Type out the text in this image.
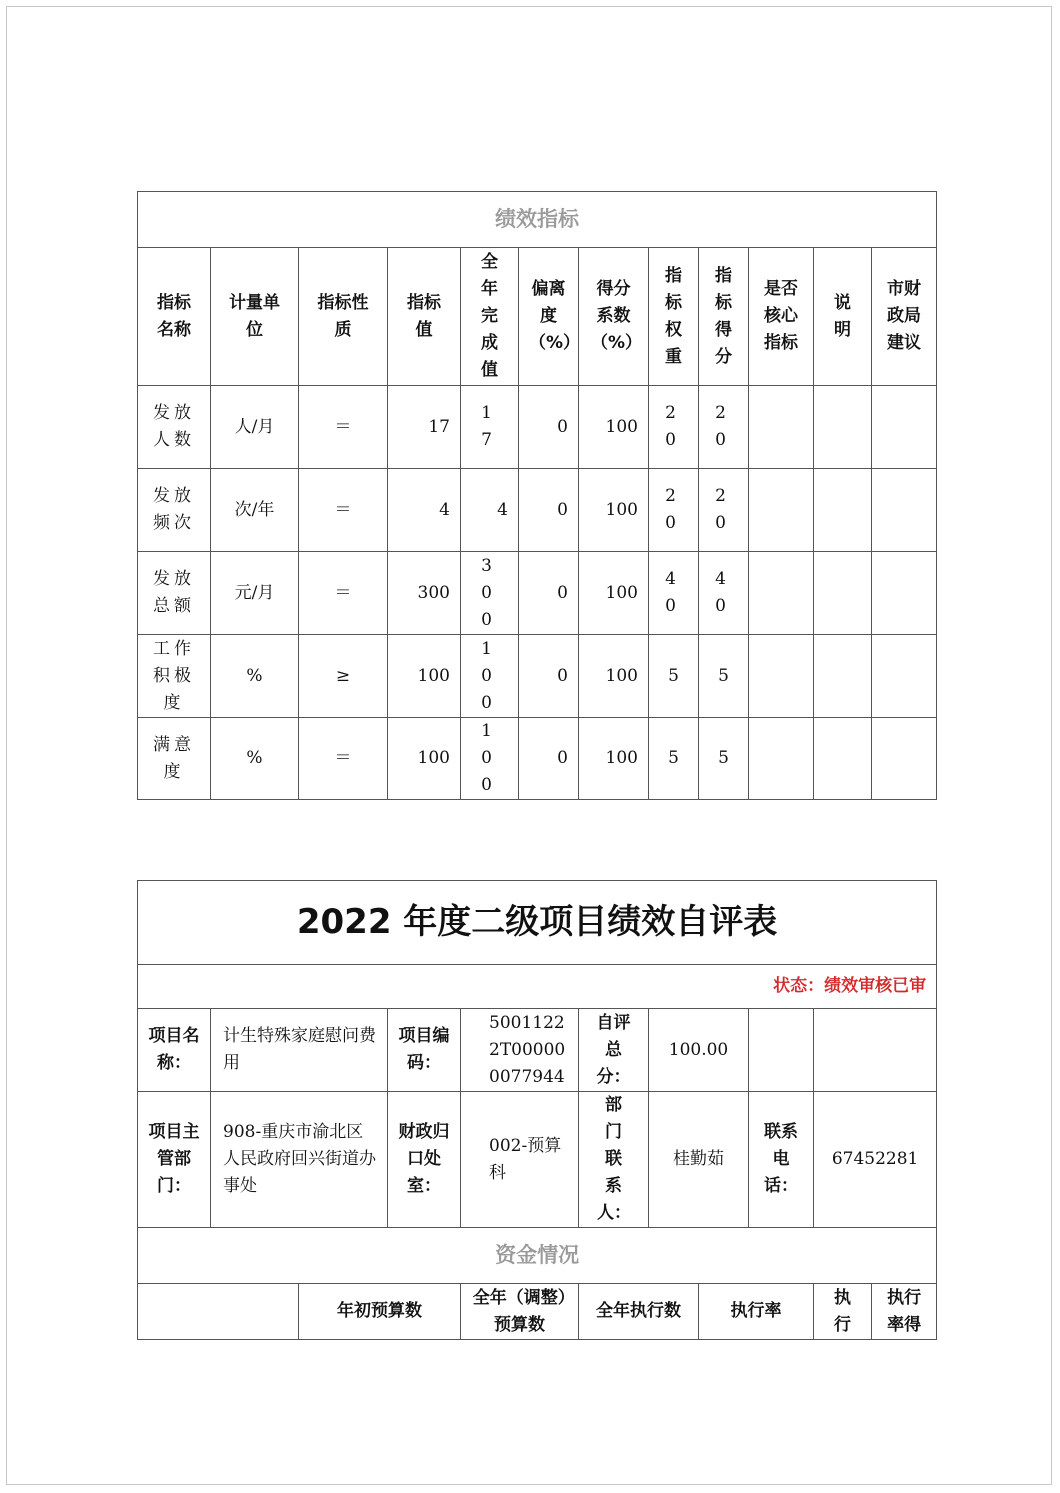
绩效指标											
指标名称	计量单位	指标性质	指标值	全年完成值	偏离度（%）	得分系数（%）	指标权重	指标得分	是否核心指标	说明	市财政局建议
发放人数	人/月	＝	17	17	0	100	20	20			
发放频次	次/年	＝	4	4	0	100	20	20			
发放总额	元/月	＝	300	300	0	100	40	40			
工作积极度	%	≥	100	100	0	100	5	5			
满意度	%	＝	100	100	0	100	5	5			
2022 年度二级项目绩效自评表										
状态：绩效审核已审										
项目名称：	计生特殊家庭慰问费用		项目编码：	50011222T000000077944	自评总分：	100.00				
项目主管部门：	908-重庆市渝北区人民政府回兴街道办事处		财政归口处室：	002-预算科	部门联系人：	桂勤茹		联系电话：	67452281	
资金情况										
		年初预算数		全年（调整）预算数	全年执行数		执行率		执行	执行率得
